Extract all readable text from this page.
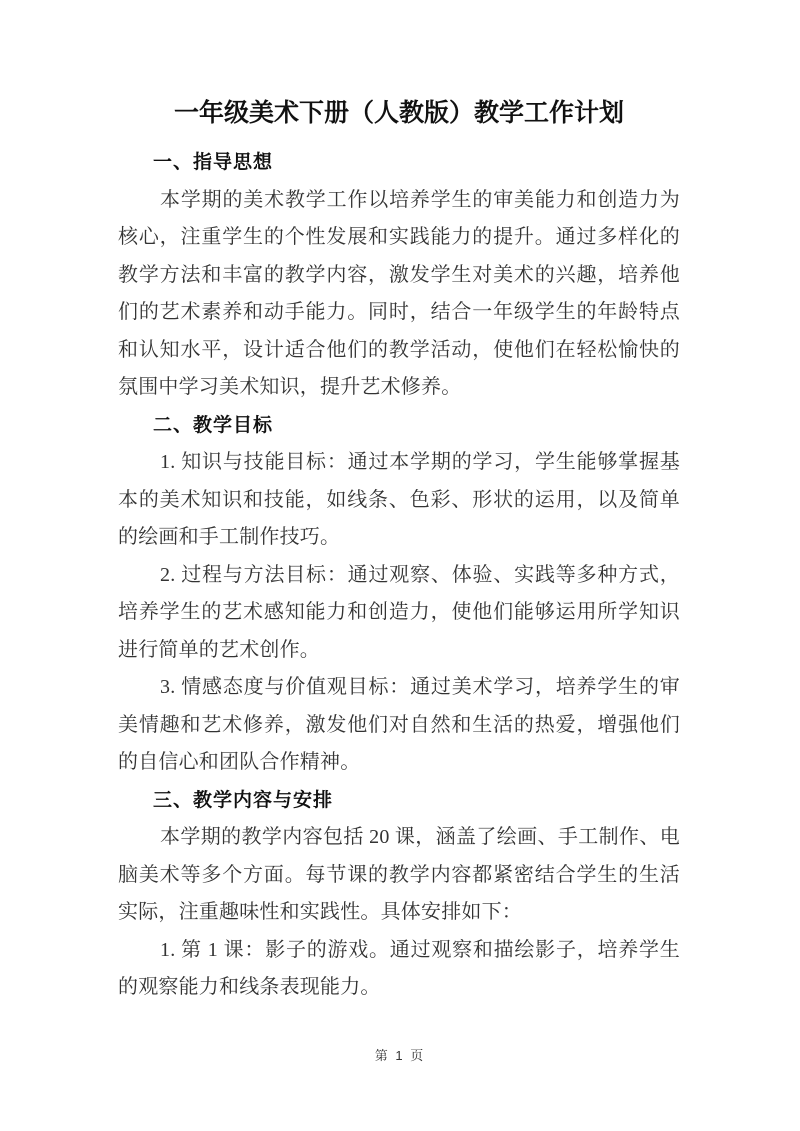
一年级美术下册（人教版）教学工作计划
一、指导思想

本学期的美术教学工作以培养学生的审美能力和创造力为核心，注重学生的个性发展和实践能力的提升。通过多样化的教学方法和丰富的教学内容，激发学生对美术的兴趣，培养他们的艺术素养和动手能力。同时，结合一年级学生的年龄特点和认知水平，设计适合他们的教学活动，使他们在轻松愉快的氛围中学习美术知识，提升艺术修养。

二、教学目标

1. 知识与技能目标：通过本学期的学习，学生能够掌握基本的美术知识和技能，如线条、色彩、形状的运用，以及简单的绘画和手工制作技巧。

2. 过程与方法目标：通过观察、体验、实践等多种方式，培养学生的艺术感知能力和创造力，使他们能够运用所学知识进行简单的艺术创作。

3. 情感态度与价值观目标：通过美术学习，培养学生的审美情趣和艺术修养，激发他们对自然和生活的热爱，增强他们的自信心和团队合作精神。

三、教学内容与安排

本学期的教学内容包括 20 课，涵盖了绘画、手工制作、电脑美术等多个方面。每节课的教学内容都紧密结合学生的生活实际，注重趣味性和实践性。具体安排如下：

1. 第 1 课：影子的游戏。通过观察和描绘影子，培养学生的观察能力和线条表现能力。

第 1 页
